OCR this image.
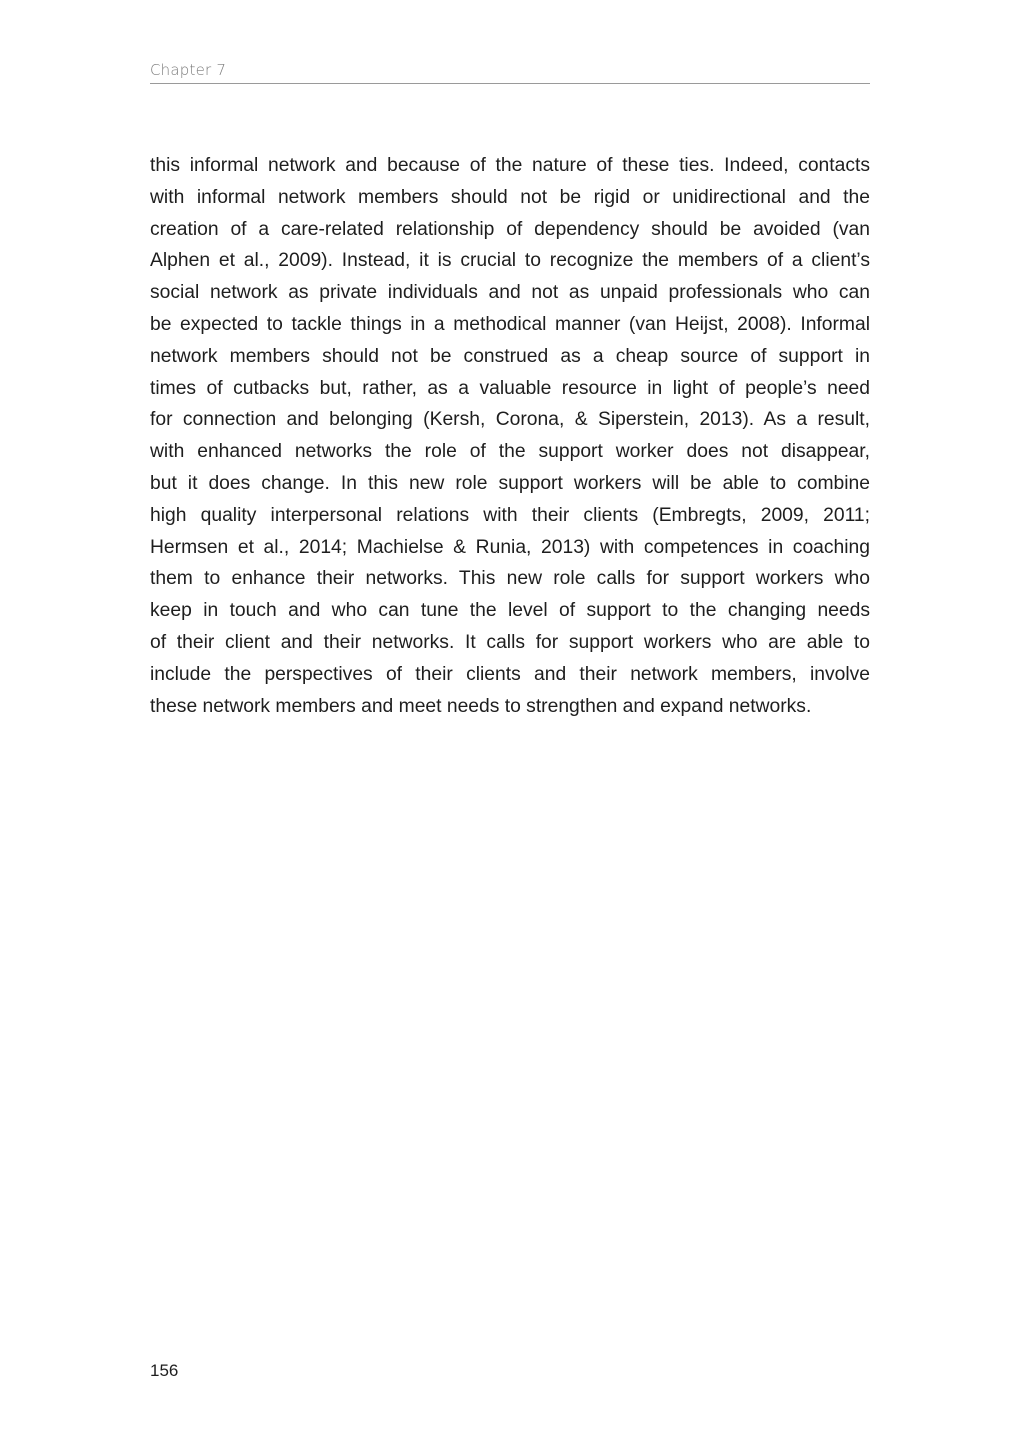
Chapter 7
this informal network and because of the nature of these ties. Indeed, contacts
with informal network members should not be rigid or unidirectional and the
creation of a care-related relationship of dependency should be avoided (van
Alphen et al., 2009). Instead, it is crucial to recognize the members of a client’s
social network as private individuals and not as unpaid professionals who can
be expected to tackle things in a methodical manner (van Heijst, 2008). Informal
network members should not be construed as a cheap source of support in
times of cutbacks but, rather, as a valuable resource in light of people’s need
for connection and belonging (Kersh, Corona, & Siperstein, 2013). As a result,
with enhanced networks the role of the support worker does not disappear,
but it does change. In this new role support workers will be able to combine
high quality interpersonal relations with their clients (Embregts, 2009, 2011;
Hermsen et al., 2014; Machielse & Runia, 2013) with competences in coaching
them to enhance their networks. This new role calls for support workers who
keep in touch and who can tune the level of support to the changing needs
of their client and their networks. It calls for support workers who are able to
include the perspectives of their clients and their network members, involve
these network members and meet needs to strengthen and expand networks.
156
